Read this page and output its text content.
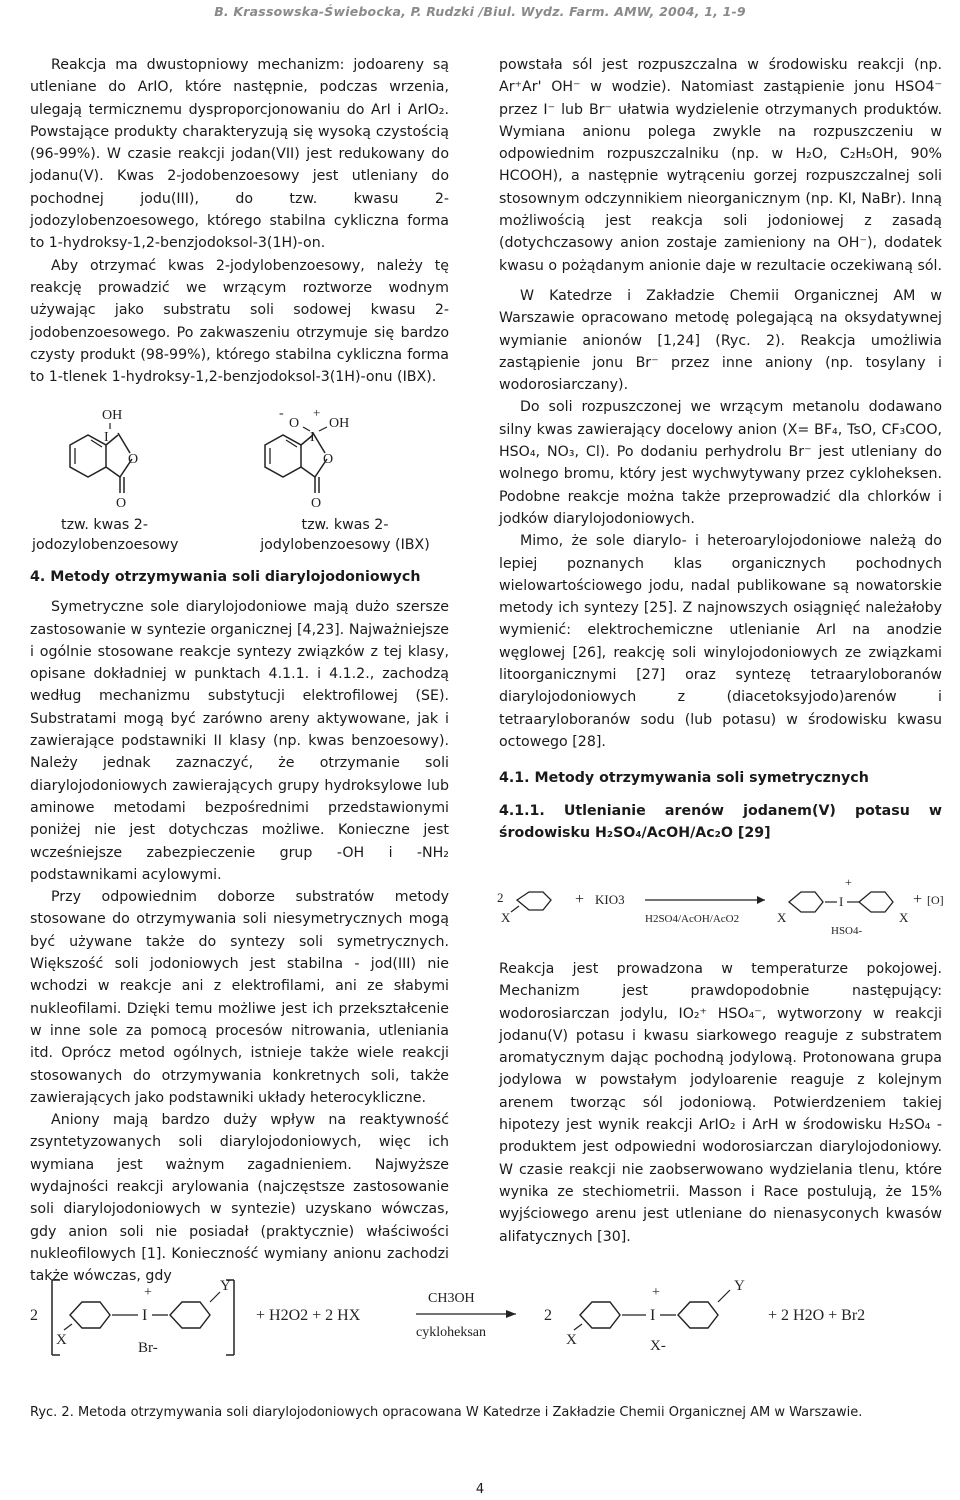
B. Krassowska-Świebocka, P. Rudzki /Biul. Wydz. Farm. AMW, 2004, 1, 1-9

Reakcja ma dwustopniowy mechanizm: jodoareny są utleniane do ArIO, które następnie, podczas wrzenia, ulegają termicznemu dysproporcjonowaniu do ArI i ArIO₂. Powstające produkty charakteryzują się wysoką czystością (96-99%). W czasie reakcji jodan(VII) jest redukowany do jodanu(V). Kwas 2-jodobenzoesowy jest utleniany do pochodnej jodu(III), do tzw. kwasu 2-jodozylobenzoesowego, którego stabilna cykliczna forma to 1-hydroksy-1,2-benzjodoksol-3(1H)-on.

Aby otrzymać kwas 2-jodylobenzoesowy, należy tę reakcję prowadzić we wrzącym roztworze wodnym używając jako substratu soli sodowej kwasu 2-jodobenzoesowego. Po zakwaszeniu otrzymuje się bardzo czysty produkt (98-99%), którego stabilna cykliczna forma to 1-tlenek 1-hydroksy-1,2-benzjodoksol-3(1H)-onu (IBX).

OH
I
O
O
-
O
+
I
OH
O
O
tzw. kwas 2-jodozylobenzoesowy
tzw. kwas 2-jodylobenzoesowy (IBX)

4. Metody otrzymywania soli diarylojodoniowych

Symetryczne sole diarylojodoniowe mają dużo szersze zastosowanie w syntezie organicznej [4,23]. Najważniejsze i ogólnie stosowane reakcje syntezy związków z tej klasy, opisane dokładniej w punktach 4.1.1. i 4.1.2., zachodzą według mechanizmu substytucji elektrofilowej (SE). Substratami mogą być zarówno areny aktywowane, jak i zawierające podstawniki II klasy (np. kwas benzoesowy). Należy jednak zaznaczyć, że otrzymanie soli diarylojodoniowych zawierających grupy hydroksylowe lub aminowe metodami bezpośrednimi przedstawionymi poniżej nie jest dotychczas możliwe. Konieczne jest wcześniejsze zabezpieczenie grup -OH i -NH₂ podstawnikami acylowymi.

Przy odpowiednim doborze substratów metody stosowane do otrzymywania soli niesymetrycznych mogą być używane także do syntezy soli symetrycznych. Większość soli jodoniowych jest stabilna - jod(III) nie wchodzi w reakcje ani z elektrofilami, ani ze słabymi nukleofilami. Dzięki temu możliwe jest ich przekształcenie w inne sole za pomocą procesów nitrowania, utleniania itd. Oprócz metod ogólnych, istnieje także wiele reakcji stosowanych do otrzymywania konkretnych soli, także zawierających jako podstawniki układy heterocykliczne.

Aniony mają bardzo duży wpływ na reaktywność zsyntetyzowanych soli diarylojodoniowych, więc ich wymiana jest ważnym zagadnieniem. Najwyższe wydajności reakcji arylowania (najczęstsze zastosowanie soli diarylojodoniowych w syntezie) uzyskano wówczas, gdy anion soli nie posiadał (praktycznie) właściwości nukleofilowych [1]. Konieczność wymiany anionu zachodzi także wówczas, gdy

powstała sól jest rozpuszczalna w środowisku reakcji (np. Ar⁺Ar' OH⁻ w wodzie). Natomiast zastąpienie jonu HSO4⁻ przez I⁻ lub Br⁻ ułatwia wydzielenie otrzymanych produktów. Wymiana anionu polega zwykle na rozpuszczeniu w odpowiednim rozpuszczalniku (np. w H₂O, C₂H₅OH, 90% HCOOH), a następnie wytrąceniu gorzej rozpuszczalnej soli stosownym odczynnikiem nieorganicznym (np. KI, NaBr). Inną możliwością jest reakcja soli jodoniowej z zasadą (dotychczasowy anion zostaje zamieniony na OH⁻), dodatek kwasu o pożądanym anionie daje w rezultacie oczekiwaną sól.

W Katedrze i Zakładzie Chemii Organicznej AM w Warszawie opracowano metodę polegającą na oksydatywnej wymianie anionów [1,24] (Ryc. 2). Reakcja umożliwia zastąpienie jonu Br⁻ przez inne aniony (np. tosylany i wodorosiarczany).

Do soli rozpuszczonej we wrzącym metanolu dodawano silny kwas zawierający docelowy anion (X= BF₄, TsO, CF₃COO, HSO₄, NO₃, Cl). Po dodaniu perhydrolu Br⁻ jest utleniany do wolnego bromu, który jest wychwytywany przez cykloheksen. Podobne reakcje można także przeprowadzić dla chlorków i jodków diarylojodoniowych.

Mimo, że sole diarylo- i heteroarylojodoniowe należą do lepiej poznanych klas organicznych pochodnych wielowartościowego jodu, nadal publikowane są nowatorskie metody ich syntezy [25]. Z najnowszych osiągnięć należałoby wymienić: elektrochemiczne utlenianie ArI na anodzie węglowej [26], reakcję soli winylojodoniowych ze związkami litoorganicznymi [27] oraz syntezę tetraaryloboranów diarylojodoniowych z (diacetoksyjodo)arenów i tetraaryloboranów sodu (lub potasu) w środowisku kwasu octowego [28].

4.1. Metody otrzymywania soli symetrycznych

4.1.1. Utlenianie arenów jodanem(V) potasu w środowisku H₂SO₄/AcOH/Ac₂O [29]

2
X
+ KIO3
H2SO4/AcOH/AcO2	X
+
I
HSO4-
X
+ [O]

Reakcja jest prowadzona w temperaturze pokojowej. Mechanizm jest prawdopodobnie następujący: wodorosiarczan jodylu, IO₂⁺ HSO₄⁻, wytworzony w reakcji jodanu(V) potasu i kwasu siarkowego reaguje z substratem aromatycznym dając pochodną jodylową. Protonowana grupa jodylowa w powstałym jodyloarenie reaguje z kolejnym arenem tworząc sól jodoniową. Potwierdzeniem takiej hipotezy jest wynik reakcji ArIO₂ i ArH w środowisku H₂SO₄ - produktem jest odpowiedni wodorosiarczan diarylojodoniowy. W czasie reakcji nie zaobserwowano wydzielania tlenu, które wynika ze stechiometrii. Masson i Race postulują, że 15% wyjściowego arenu jest utleniane do nienasyconych kwasów alifatycznych [30].

2
X
I
+	Y
Br-
+ H2O2 + 2 HX
CH3OH
cykloheksan
2
X
I
+	Y
X-
+ 2 H2O + Br2
Ryc. 2. Metoda otrzymywania soli diarylojodoniowych opracowana W Katedrze i Zakładzie Chemii Organicznej AM w Warszawie.
4
